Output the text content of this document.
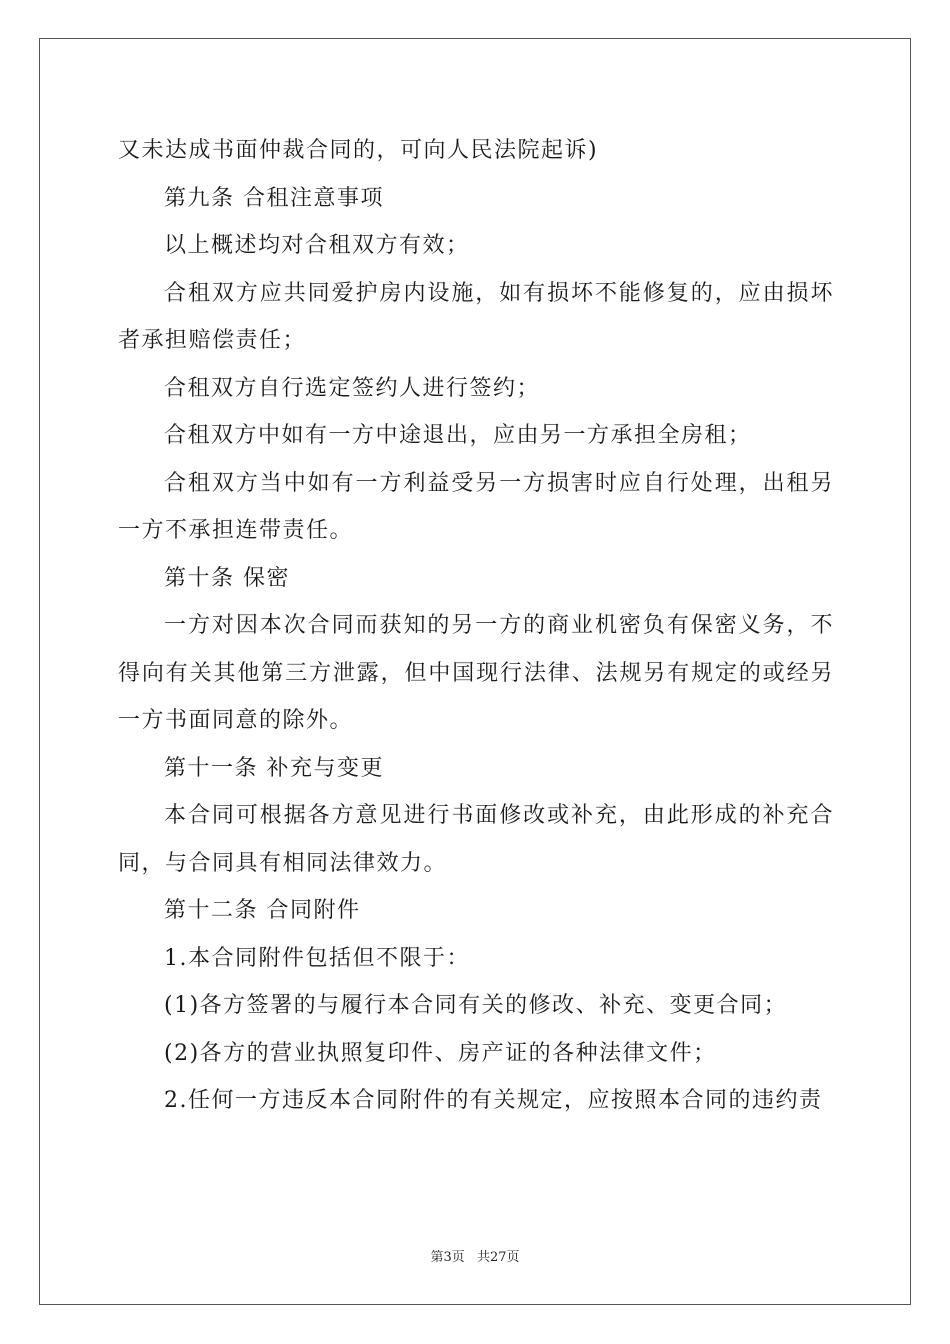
又未达成书面仲裁合同的，可向人民法院起诉)

第九条 合租注意事项

以上概述均对合租双方有效；

合租双方应共同爱护房内设施，如有损坏不能修复的，应由损坏者承担赔偿责任；

合租双方自行选定签约人进行签约；

合租双方中如有一方中途退出，应由另一方承担全房租；

合租双方当中如有一方利益受另一方损害时应自行处理，出租另一方不承担连带责任。

第十条 保密

一方对因本次合同而获知的另一方的商业机密负有保密义务，不得向有关其他第三方泄露，但中国现行法律、法规另有规定的或经另一方书面同意的除外。

第十一条 补充与变更

本合同可根据各方意见进行书面修改或补充，由此形成的补充合同，与合同具有相同法律效力。

第十二条 合同附件

1.本合同附件包括但不限于：

(1)各方签署的与履行本合同有关的修改、补充、变更合同；

(2)各方的营业执照复印件、房产证的各种法律文件；

2.任何一方违反本合同附件的有关规定，应按照本合同的违约责

第3页 共27页
